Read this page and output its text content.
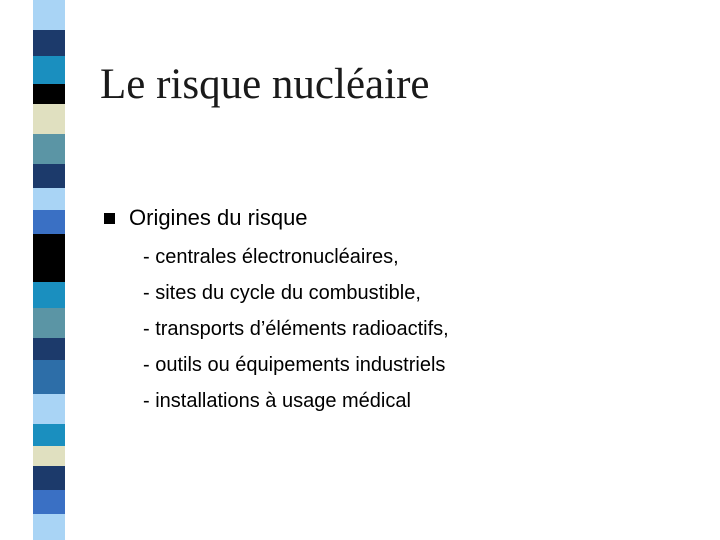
Le risque nucléaire
Origines du risque
- centrales électronucléaires,
- sites du cycle du combustible,
- transports d’éléments radioactifs,
- outils ou équipements industriels
- installations à usage médical
